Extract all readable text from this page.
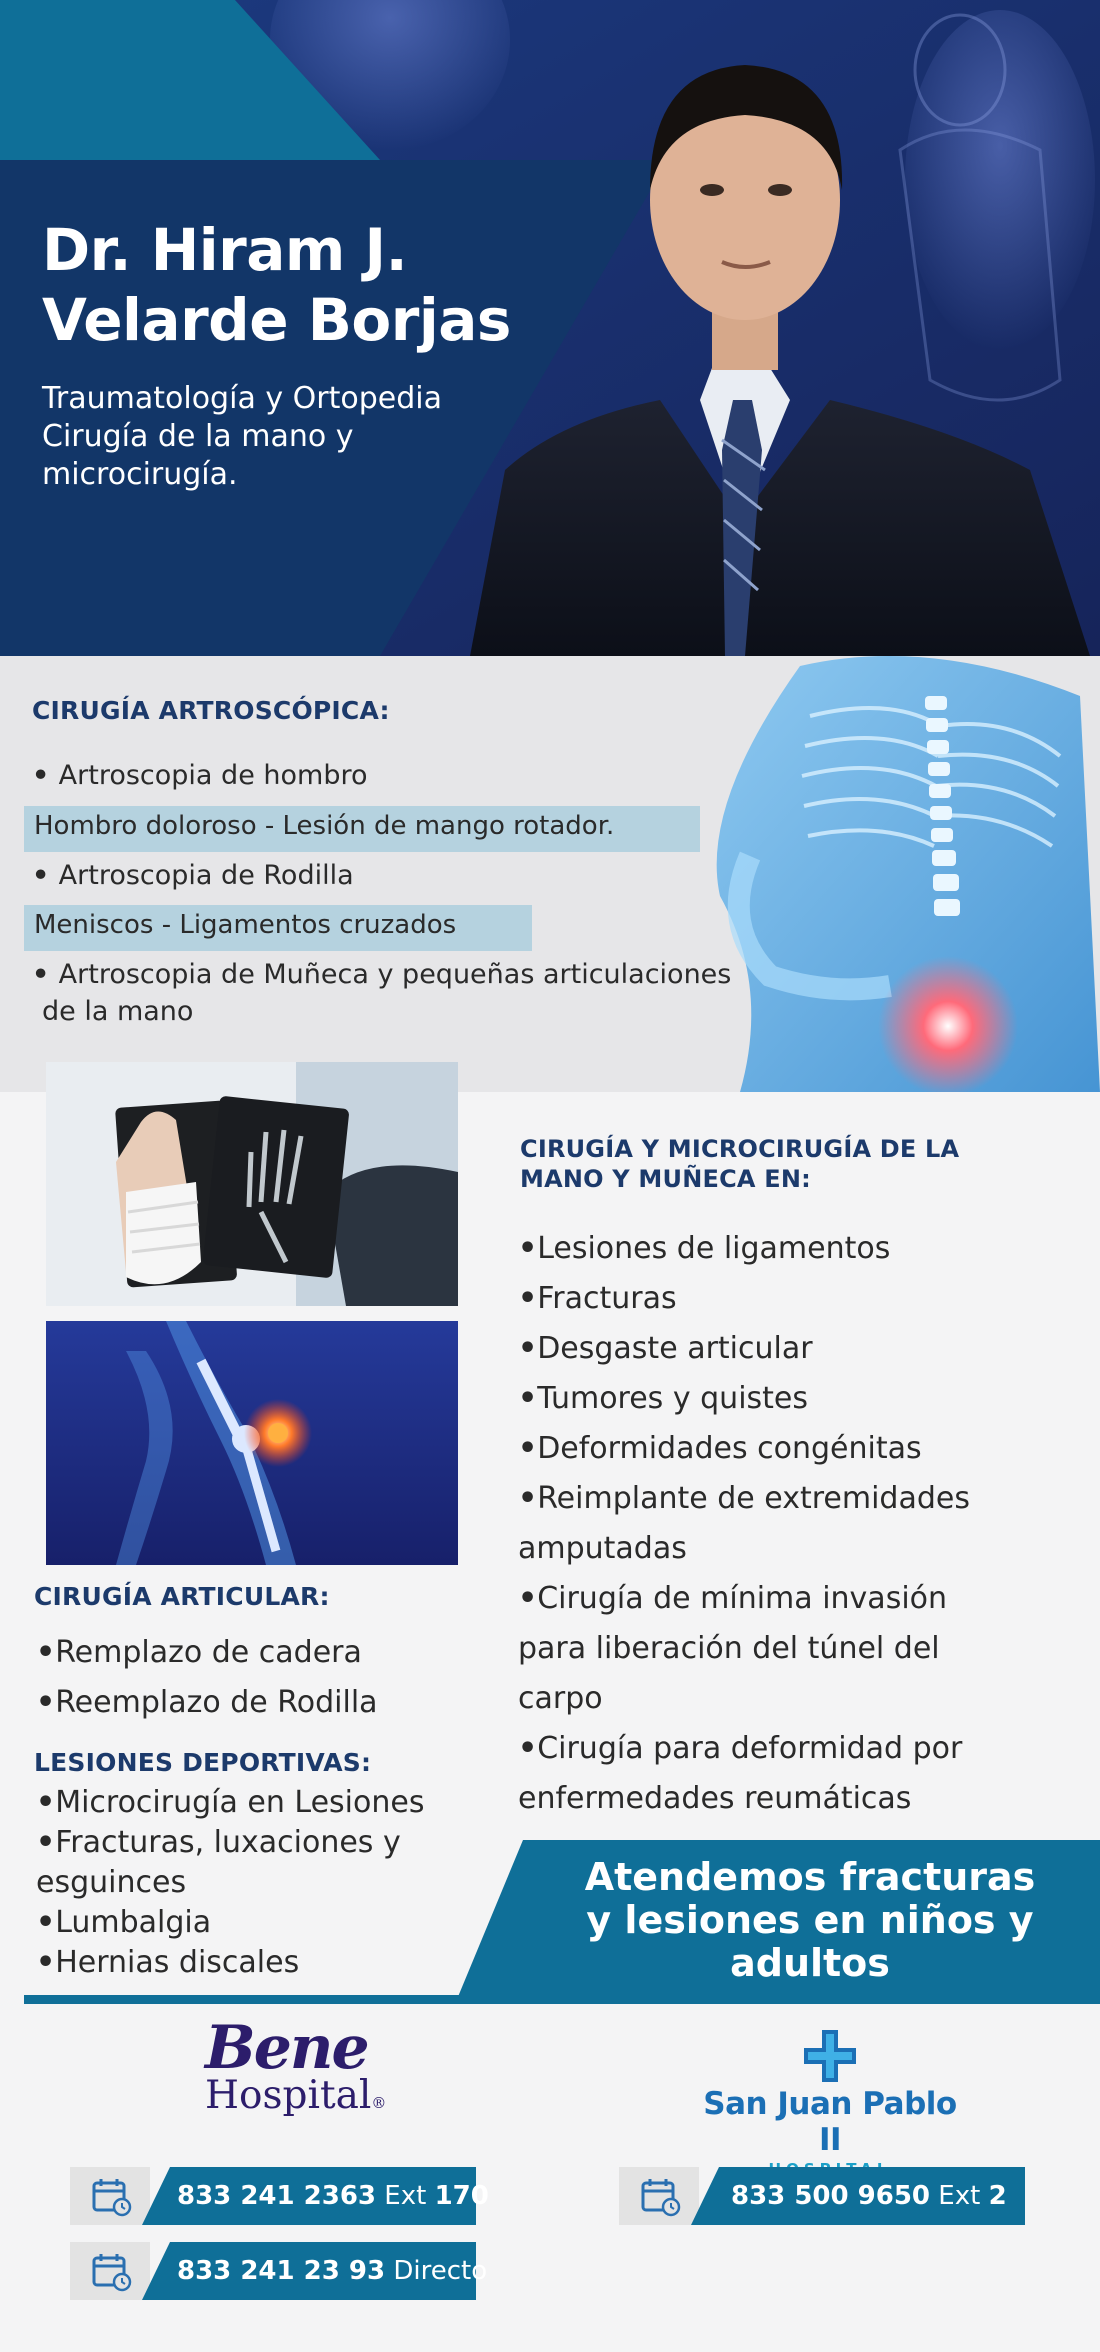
Dr. Hiram J.
Velarde Borjas
Traumatología y Ortopedia
Cirugía de la mano y
microcirugía.
CIRUGÍA ARTROSCÓPICA:
• Artroscopia de hombro
Hombro doloroso - Lesión de mango rotador.
• Artroscopia de Rodilla
Meniscos - Ligamentos cruzados
• Artroscopia de Muñeca y pequeñas articulaciones
de la mano
CIRUGÍA Y MICROCIRUGÍA DE LA
MANO Y MUÑECA EN:
•Lesiones de ligamentos
•Fracturas
•Desgaste articular
•Tumores y quistes
•Deformidades congénitas
•Reimplante de extremidades
amputadas
•Cirugía de mínima invasión
para liberación del túnel del
carpo
•Cirugía para deformidad por
enfermedades reumáticas
CIRUGÍA ARTICULAR:
•Remplazo de cadera
•Reemplazo de Rodilla
LESIONES DEPORTIVAS:
•Microcirugía en Lesiones
•Fracturas, luxaciones y
esguinces
•Lumbalgia
•Hernias discales
Atendemos fracturas
y lesiones en niños y
adultos
Bene
Hospital®
833 241 2363 Ext 170
833 241 23 93 Directo
San Juan Pablo II
833 500 9650 Ext 2
